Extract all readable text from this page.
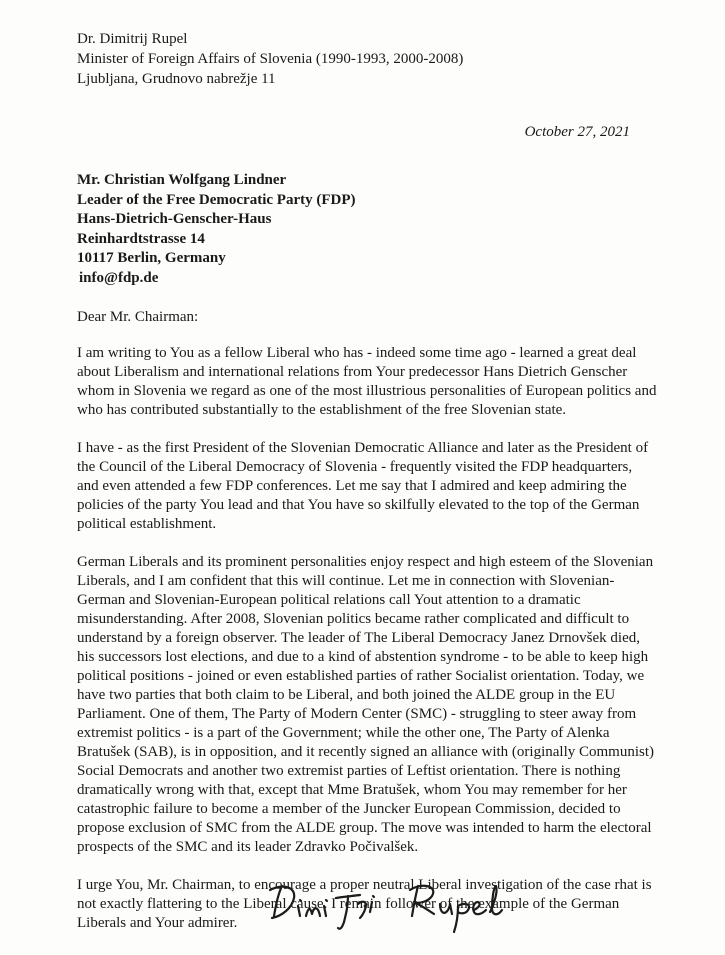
Dr. Dimitrij Rupel
Minister of Foreign Affairs of Slovenia (1990-1993, 2000-2008)
Ljubljana, Grudnovo nabrežje 11
October 27, 2021
Mr. Christian Wolfgang Lindner
Leader of the Free Democratic Party (FDP)
Hans-Dietrich-Genscher-Haus
Reinhardtstrasse 14
10117 Berlin, Germany
info@fdp.de
Dear Mr. Chairman:

I am writing to You as a fellow Liberal who has - indeed some time ago - learned a great deal about Liberalism and international relations from Your predecessor Hans Dietrich Genscher whom in Slovenia we regard as one of the most illustrious personalities of European politics and who has contributed substantially to the establishment of the free Slovenian state.

I have - as the first President of the Slovenian Democratic Alliance and later as the President of the Council of the Liberal Democracy of Slovenia - frequently visited the FDP headquarters, and even attended a few FDP conferences. Let me say that I admired and keep admiring the policies of the party You lead and that You have so skilfully elevated to the top of the German political establishment.

German Liberals and its prominent personalities enjoy respect and high esteem of the Slovenian Liberals, and I am confident that this will continue. Let me in connection with Slovenian-German and Slovenian-European political relations call Yout attention to a dramatic misunderstanding. After 2008, Slovenian politics became rather complicated and difficult to understand by a foreign observer. The leader of The Liberal Democracy Janez Drnovšek died, his successors lost elections, and due to a kind of abstention syndrome - to be able to keep high political positions - joined or even established parties of rather Socialist orientation. Today, we have two parties that both claim to be Liberal, and both joined the ALDE group in the EU Parliament. One of them, The Party of Modern Center (SMC) - struggling to steer away from extremist politics - is a part of the Government; while the other one, The Party of Alenka Bratušek (SAB), is in opposition, and it recently signed an alliance with (originally Communist) Social Democrats and another two extremist parties of Leftist orientation. There is nothing dramatically wrong with that, except that Mme Bratušek, whom You may remember for her catastrophic failure to become a member of the Juncker European Commission, decided to propose exclusion of SMC from the ALDE group. The move was intended to harm the electoral prospects of the SMC and its leader Zdravko Počivalšek.

I urge You, Mr. Chairman, to encourage a proper neutral Liberal investigation of the case rhat is not exactly flattering to the Liberal cause. I remain follower of the example of the German Liberals and Your admirer.
